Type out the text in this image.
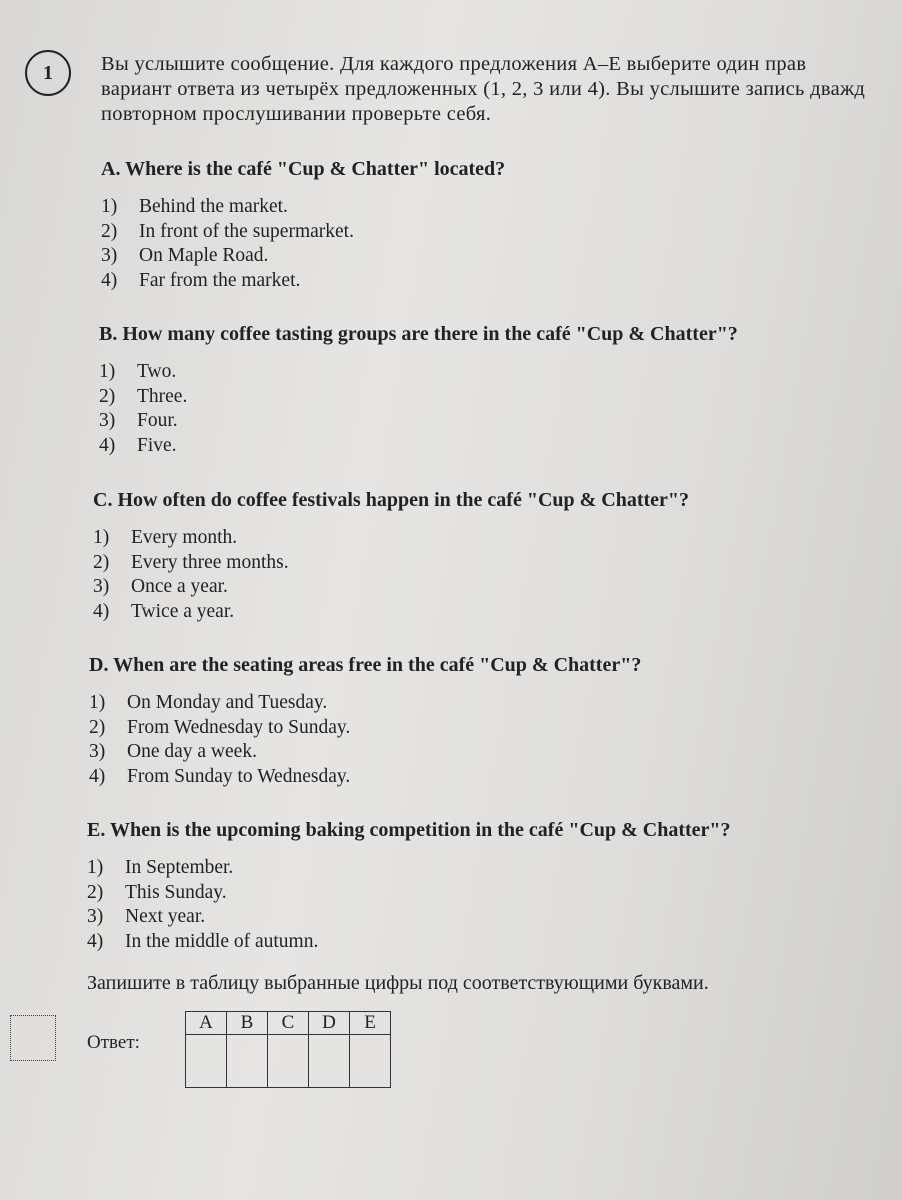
1 Вы услышите сообщение. Для каждого предложения A–E выберите один прав
вариант ответа из четырёх предложенных (1, 2, 3 или 4). Вы услышите запись дважд
повторном прослушивании проверьте себя.
A. Where is the café "Cup & Chatter" located?
1)	Behind the market.
2)	In front of the supermarket.
3)	On Maple Road.
4)	Far from the market.
B. How many coffee tasting groups are there in the café "Cup & Chatter"?
1)	Two.
2)	Three.
3)	Four.
4)	Five.
C. How often do coffee festivals happen in the café "Cup & Chatter"?
1)	Every month.
2)	Every three months.
3)	Once a year.
4)	Twice a year.
D. When are the seating areas free in the café "Cup & Chatter"?
1)	On Monday and Tuesday.
2)	From Wednesday to Sunday.
3)	One day a week.
4)	From Sunday to Wednesday.
E. When is the upcoming baking competition in the café "Cup & Chatter"?
1)	In September.
2)	This Sunday.
3)	Next year.
4)	In the middle of autumn.
Запишите в таблицу выбранные цифры под соответствующими буквами.
Ответ:
A	B	C	D	E
